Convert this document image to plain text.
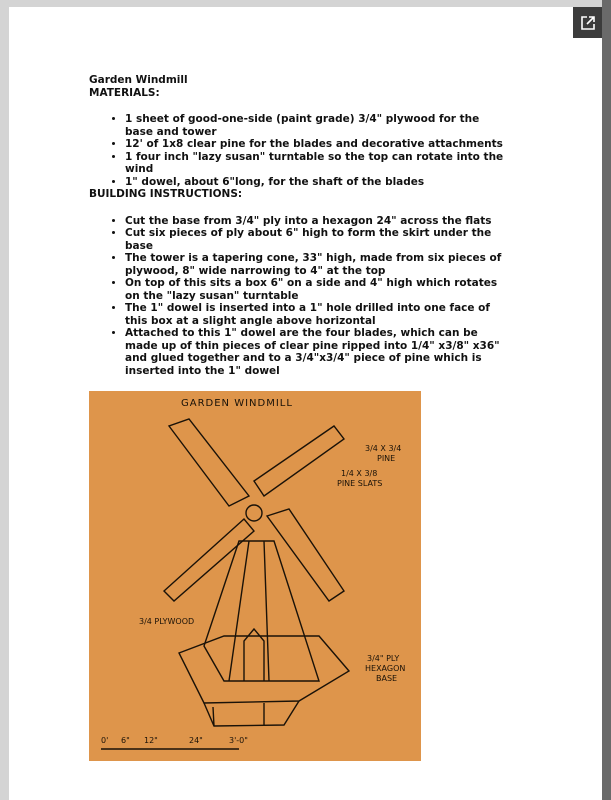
Garden Windmill
MATERIALS:
• 1 sheet of good-one-side (paint grade) 3/4" plywood for the base and tower
• 12' of 1x8 clear pine for the blades and decorative attachments
• 1 four inch "lazy susan" turntable so the top can rotate into the wind
• 1" dowel, about 6"long, for the shaft of the blades
BUILDING INSTRUCTIONS:
• Cut the base from 3/4" ply into a hexagon 24" across the flats
• Cut six pieces of ply about 6" high to form the skirt under the base
• The tower is a tapering cone, 33" high, made from six pieces of plywood, 8" wide narrowing to 4" at the top
• On top of this sits a box 6" on a side and 4" high which rotates on the "lazy susan" turntable
• The 1" dowel is inserted into a 1" hole drilled into one face of this box at a slight angle above horizontal
• Attached to this 1" dowel are the four blades, which can be made up of thin pieces of clear pine ripped into 1/4" x3/8" x36" and glued together and to a 3/4"x3/4" piece of pine which is inserted into the 1" dowel
GARDEN WINDMILL
3/4 X 3/4
PINE
1/4 X 3/8
PINE SLATS
3/4 PLYWOOD
3/4" PLY
HEXAGON
BASE
0' 6" 12"	24"	3'-0"
